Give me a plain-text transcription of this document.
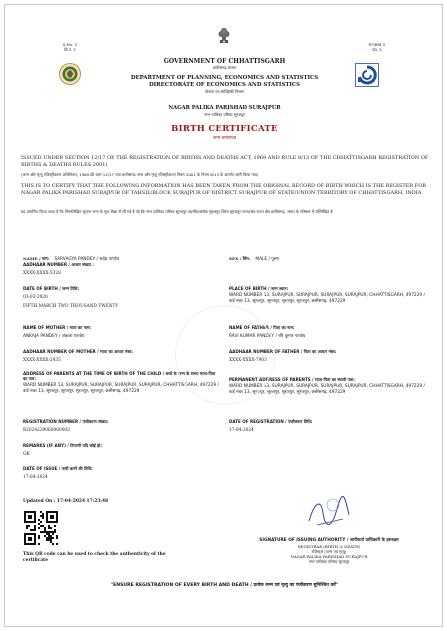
S.No. 1
बि.पं. 5
FORM 5
प्रप. 5
GOVERNMENT OF CHHATTISGARH
छत्तीसगढ़ शासन
DEPARTMENT OF PLANNING, ECONOMICS AND STATISTICS
DIRECTORATE OF ECONOMICS AND STATISTICS
योजना एवं सांख्यिकी विभाग
NAGAR PALIKA PARISHAD SURAJPUR
नगर पालिका परिषद सूरजपुर
BIRTH CERTIFICATE
जन्म प्रमाणपत्र
ISSUED UNDER SECTION 12/17 OF THE REGISTRATION OF BIRTHS AND DEATHS ACT, 1969 AND RULE 8/13 OF THE CHHATTISGARH REGISTRATION OF BIRTHS & DEATHS RULES 2001)
(जन्म और मृत्यु रजिस्ट्रीकरण अधिनियम, 1969 की धारा 12/17 तथा छत्तीसगढ़ जन्म और मृत्यु रजिस्ट्रीकरण नियम 2001 के नियम 8/13 के अंतर्गत जारी किया गया)
THIS IS TO CERTIFY THAT THE FOLLOWING INFORMATION HAS BEEN TAKEN FROM THE ORIGINAL RECORD OF BIRTH WHICH IS THE REGISTER FOR NAGAR PALIKA PARISHAD SURAJPUR OF TAHSIL/BLOCK SURAJPUR OF DISTRICT SURAJPUR OF STATE/UNION TERRITORY OF CHHATTISGARH, INDIA
यह प्रमाणित किया जाता है कि निम्नलिखित सूचना जन्म के मूल लेखा से ली गई है जो कि नगर पालिका परिषद सूरजपुर तहसील/ब्लॉक सूरजपुर जिला सूरजपुर राज्य/संघ राज्य क्षेत्र छत्तीसगढ़, भारत के रजिस्टर में उल्लिखित है
NAME / नाम: SARVAGYA PANDEY / सर्वज्ञ पाण्डेय	SEX / लिंग: MALE / पुरुष
AADHAAR NUMBER / आधार संख्या :
XXXX-XXXX-5328
DATE OF BIRTH / जन्म तिथि:
03-03-2020
FIFTH MARCH TWO THOUSAND TWENTY
PLACE OF BIRTH / जन्म स्थान:
WARD NUMBER 13, SURAJPUR, SURAJPUR, SURAJPUR, SURAJPUR, CHHATTISGARH, 497229 / वार्ड नंबर 13, सूरजपुर, सूरजपुर, सूरजपुर, सूरजपुर, छत्तीसगढ़, 497229
NAME OF MOTHER / माता का नाम:
ANKAJA PANDEY / अंकजा पाण्डेय
NAME OF FATHER / पिता का नाम:
RAVI KUMAR PANDEY / रवि कुमार पाण्डेय
AADHAAR NUMBER OF MOTHER / माता का आधार नंबर:
XXXX-XXXX-2435
AADHAAR NUMBER OF FATHER / पिता का आधार नंबर:
XXXX-XXXX-7903
ADDRESS OF PARENTS AT THE TIME OF BIRTH OF THE CHILD / बच्चे के जन्म के समय माता-पिता का पता:
WARD NUMBER 13, SURAJPUR, SURAJPUR, SURAJPUR, SURAJPUR, CHHATTISGARH, 497229 / वार्ड नंबर 13, सूरजपुर, सूरजपुर, सूरजपुर, सूरजपुर, छत्तीसगढ़, 497229
PERMANENT ADDRESS OF PARENTS / माता-पिता का स्थायी पता:
WARD NUMBER 13, SURAJPUR, SURAJPUR, SURAJPUR, SURAJPUR, CHHATTISGARH, 497229 / वार्ड नंबर 13, सूरजपुर, सूरजपुर, सूरजपुर, सूरजपुर, छत्तीसगढ़, 497229
REGISTRATION NUMBER / पंजीकरण संख्या:
B2024229060000003
DATE OF REGISTRATION / पंजीकरण तिथि:
17-04-2024
REMARKS (IF ANY) / टिप्पणी यदि कोई हो:
OK
DATE OF ISSUE / जारी करने की तिथि:
17-04-2024
Updated On : 17-04-2024 17:23:48
This QR code can be used to check the authenticity of the certificate
SIGNATURE OF ISSUING AUTHORITY / जारीकर्ता प्राधिकारी के हस्ताक्षर
REGISTRAR (BIRTH & DEATH)
रजिस्ट्रार (जन्म एवं मृत्यु)
NAGAR PALIKA PARISHAD SURAJPUR
नगर पालिका परिषद सूरजपुर
"ENSURE REGISTRATION OF EVERY BIRTH AND DEATH / प्रत्येक जन्म एवं मृत्यु का पंजीकरण सुनिश्चित करें"
